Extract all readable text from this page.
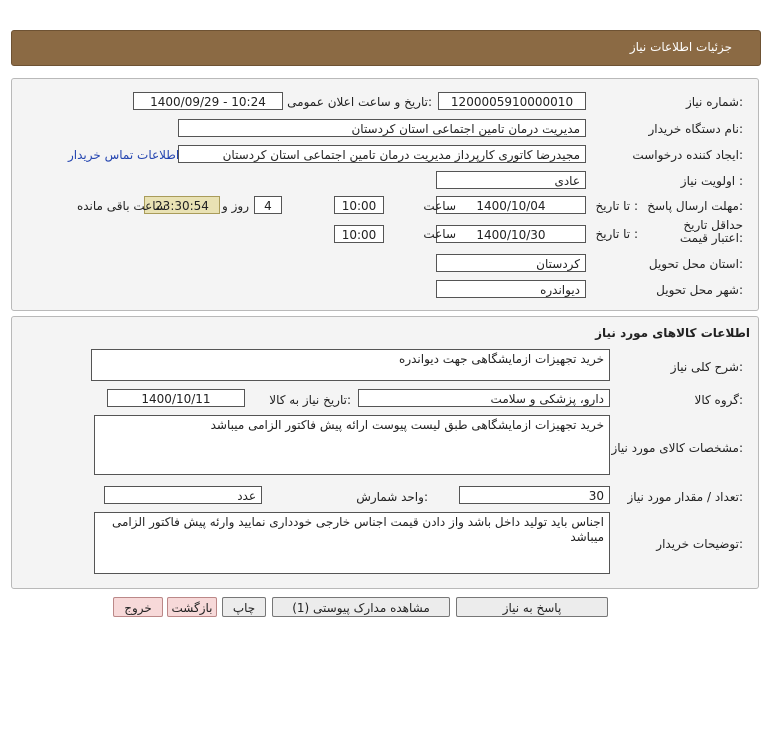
جزئیات اطلاعات نیاز
شماره نیاز:
1200005910000010
تاریخ و ساعت اعلان عمومی:
1400/09/29 - 10:24
نام دستگاه خریدار:
مدیریت درمان تامین اجتماعی استان کردستان
ایجاد کننده درخواست:
مجیدرضا کاتوری کارپرداز مدیریت درمان تامین اجتماعی استان کردستان
اطلاعات تماس خریدار
اولویت نیاز :
عادی
مهلت ارسال پاسخ:
تا تاریخ :
1400/10/04
ساعت
10:00
4
روز و
23:30:54
ساعت باقی مانده
حداقل تاریخ اعتبار قیمت:
تا تاریخ :
1400/10/30
ساعت
10:00
استان محل تحویل:
کردستان
شهر محل تحویل:
دیواندره
اطلاعات کالاهای مورد نیاز
شرح کلی نیاز:
خرید تجهیزات ازمایشگاهی جهت دیواندره
گروه کالا:
دارو، پزشکی و سلامت
تاریخ نیاز به کالا:
1400/10/11
مشخصات کالای مورد نیاز:
خرید تجهیزات ازمایشگاهی طبق لیست پیوست ارائه پیش فاکتور الزامی میباشد
تعداد / مقدار مورد نیاز:
30
واحد شمارش:
عدد
توضیحات خریدار:
اجناس باید تولید داخل باشد واز دادن قیمت اجناس خارجی خودداری نمایید وارئه پیش فاکتور الزامی میباشد
پاسخ به نیاز
مشاهده مدارک پیوستی (1)
چاپ
بازگشت
خروج
